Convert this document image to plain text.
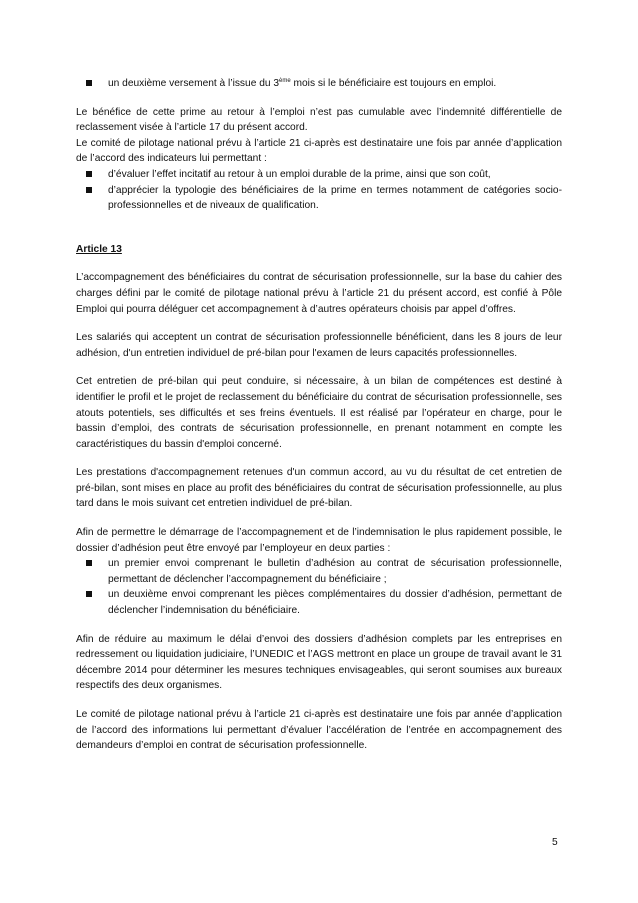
un deuxième versement à l’issue du 3ème mois si le bénéficiaire est toujours en emploi.

Le bénéfice de cette prime au retour à l’emploi n’est pas cumulable avec l’indemnité différentielle de reclassement visée à l’article 17 du présent accord.

Le comité de pilotage national prévu à l’article 21 ci-après est destinataire une fois par année d’application de l’accord des indicateurs lui permettant :

d’évaluer l’effet incitatif au retour à un emploi durable de la prime, ainsi que son coût,
d’apprécier la typologie des bénéficiaires de la prime en termes notamment de catégories socio-professionnelles et de niveaux de qualification.

Article 13

L’accompagnement des bénéficiaires du contrat de sécurisation professionnelle, sur la base du cahier des charges défini par le comité de pilotage national prévu à l’article 21 du présent accord, est confié à Pôle Emploi qui pourra déléguer cet accompagnement à d’autres opérateurs choisis par appel d’offres.

Les salariés qui acceptent un contrat de sécurisation professionnelle bénéficient, dans les 8 jours de leur adhésion, d'un entretien individuel de pré-bilan pour l'examen de leurs capacités professionnelles.

Cet entretien de pré-bilan qui peut conduire, si nécessaire, à un bilan de compétences est destiné à identifier le profil et le projet de reclassement du bénéficiaire du contrat de sécurisation professionnelle, ses atouts potentiels, ses difficultés et ses freins éventuels. Il est réalisé par l’opérateur en charge, pour le bassin d’emploi, des contrats de sécurisation professionnelle, en prenant notamment en compte les caractéristiques du bassin d'emploi concerné.

Les prestations d'accompagnement retenues d'un commun accord, au vu du résultat de cet entretien de pré-bilan, sont mises en place au profit des bénéficiaires du contrat de sécurisation professionnelle, au plus tard dans le mois suivant cet entretien individuel de pré-bilan.

Afin de permettre le démarrage de l’accompagnement et de l’indemnisation le plus rapidement possible, le dossier d’adhésion peut être envoyé par l’employeur en deux parties :

un premier envoi comprenant le bulletin d’adhésion au contrat de sécurisation professionnelle, permettant de déclencher l’accompagnement du bénéficiaire ;
un deuxième envoi comprenant les pièces complémentaires du dossier d’adhésion, permettant de déclencher l’indemnisation du bénéficiaire.

Afin de réduire au maximum le délai d’envoi des dossiers d’adhésion complets par les entreprises en redressement ou liquidation judiciaire, l’UNEDIC et l’AGS mettront en place un groupe de travail avant le 31 décembre 2014 pour déterminer les mesures techniques envisageables, qui seront soumises aux bureaux respectifs des deux organismes.

Le comité de pilotage national prévu à l’article 21 ci-après est destinataire une fois par année d’application de l’accord des informations lui permettant d’évaluer l’accélération de l’entrée en accompagnement des demandeurs d’emploi en contrat de sécurisation professionnelle.

5
